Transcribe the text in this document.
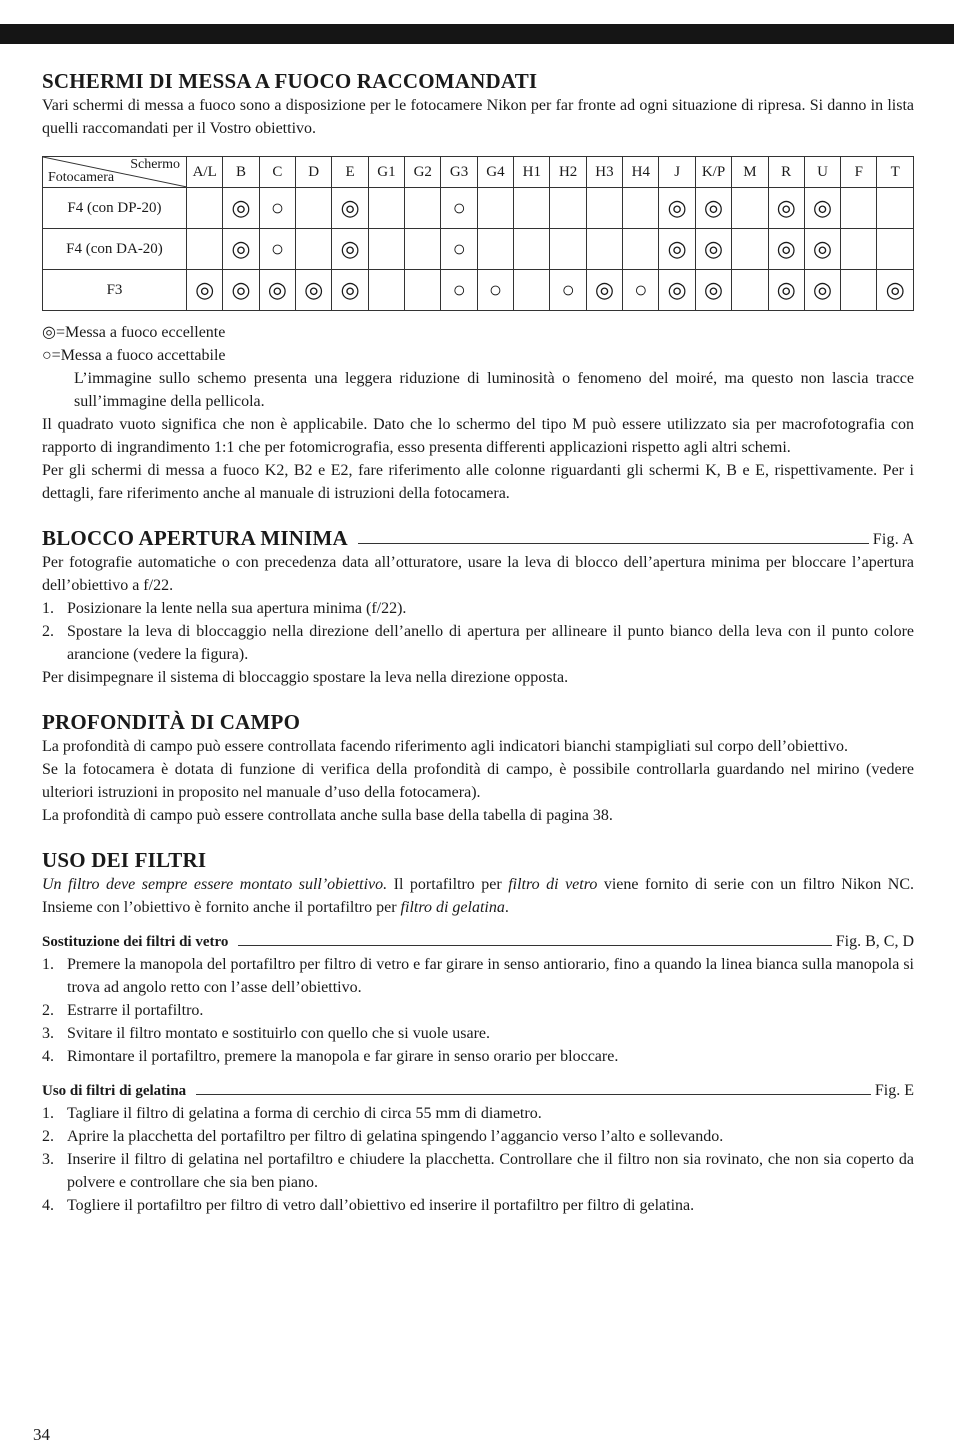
SCHERMI DI MESSA A FUOCO RACCOMANDATI

Vari schermi di messa a fuoco sono a disposizione per le fotocamere Nikon per far fronte ad ogni situazione di ripresa. Si danno in lista quelli raccomandati per il Vostro obiettivo.

Schermo
Fotocamera	A/L	B	C	D	E	G1	G2	G3	G4	H1	H2	H3	H4	J	K/P	M	R	U	F	T
F4 (con DP-20)		◎	○		◎			○						◎	◎		◎	◎		
F4 (con DA-20)		◎	○		◎			○						◎	◎		◎	◎		
F3	◎	◎	◎	◎	◎			○	○		○	◎	○	◎	◎		◎	◎		◎

◎=Messa a fuoco eccellente

○=Messa a fuoco accettabile

L’immagine sullo schemo presenta una leggera riduzione di luminosità o fenomeno del moiré, ma questo non lascia tracce sull’immagine della pellicola.

Il quadrato vuoto significa che non è applicabile. Dato che lo schermo del tipo M può essere utilizzato sia per macrofotografia con rapporto di ingrandimento 1:1 che per fotomicrografia, esso presenta differenti applicazioni rispetto agli altri schemi.

Per gli schermi di messa a fuoco K2, B2 e E2, fare riferimento alle colonne riguardanti gli schermi K, B e E, rispettivamente. Per i dettagli, fare riferimento anche al manuale di istruzioni della fotocamera.

BLOCCO APERTURA MINIMA	Fig. A

Per fotografie automatiche o con precedenza data all’otturatore, usare la leva di blocco dell’apertura minima per bloccare l’apertura dell’obiettivo a f/22.

1. Posizionare la lente nella sua apertura minima (f/22).
2. Spostare la leva di bloccaggio nella direzione dell’anello di apertura per allineare il punto bianco della leva con il punto colore arancione (vedere la figura).

Per disimpegnare il sistema di bloccaggio spostare la leva nella direzione opposta.

PROFONDITÀ DI CAMPO

La profondità di campo può essere controllata facendo riferimento agli indicatori bianchi stampigliati sul corpo dell’obiettivo.

Se la fotocamera è dotata di funzione di verifica della profondità di campo, è possibile controllarla guardando nel mirino (vedere ulteriori istruzioni in proposito nel manuale d’uso della fotocamera).

La profondità di campo può essere controllata anche sulla base della tabella di pagina 38.

USO DEI FILTRI

Un filtro deve sempre essere montato sull’obiettivo. Il portafiltro per filtro di vetro viene fornito di serie con un filtro Nikon NC. Insieme con l’obiettivo è fornito anche il portafiltro per filtro di gelatina.

Sostituzione dei filtri di vetro	Fig. B, C, D
1. Premere la manopola del portafiltro per filtro di vetro e far girare in senso antiorario, fino a quando la linea bianca sulla manopola si trova ad angolo retto con l’asse dell’obiettivo.
2. Estrarre il portafiltro.
3. Svitare il filtro montato e sostituirlo con quello che si vuole usare.
4. Rimontare il portafiltro, premere la manopola e far girare in senso orario per bloccare.
Uso di filtri di gelatina	Fig. E
1. Tagliare il filtro di gelatina a forma di cerchio di circa 55 mm di diametro.
2. Aprire la placchetta del portafiltro per filtro di gelatina spingendo l’aggancio verso l’alto e sollevando.
3. Inserire il filtro di gelatina nel portafiltro e chiudere la placchetta. Controllare che il filtro non sia rovinato, che non sia coperto da polvere e controllare che sia ben piano.
4. Togliere il portafiltro per filtro di vetro dall’obiettivo ed inserire il portafiltro per filtro di gelatina.
34
